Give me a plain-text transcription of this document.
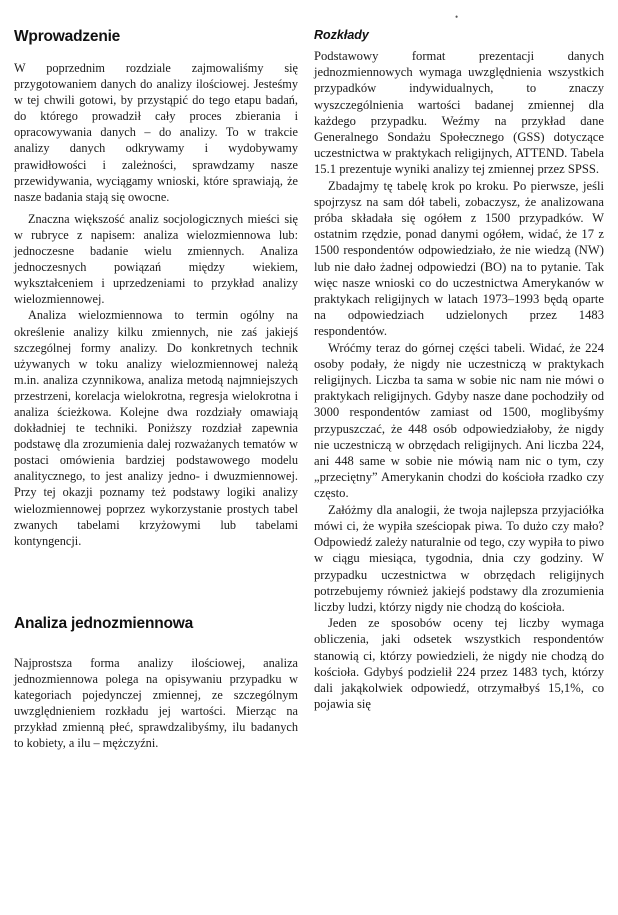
•
Wprowadzenie

W poprzednim rozdziale zajmowaliśmy się przygotowaniem danych do analizy ilościowej. Jesteśmy w tej chwili gotowi, by przystąpić do tego etapu badań, do którego prowadził cały proces zbierania i opracowywania danych – do analizy. To w trakcie analizy danych odkrywamy i wydobywamy prawidłowości i zależności, sprawdzamy nasze przewidywania, wyciągamy wnioski, które sprawiają, że nasze badania stają się owocne.

Znaczna większość analiz socjologicznych mieści się w rubryce z napisem: analiza wielozmiennowa lub: jednoczesne badanie wielu zmiennych. Analiza jednoczesnych powiązań między wiekiem, wykształceniem i uprzedzeniami to przykład analizy wielozmiennowej.

Analiza wielozmiennowa to termin ogólny na określenie analizy kilku zmiennych, nie zaś jakiejś szczególnej formy analizy. Do konkretnych technik używanych w toku analizy wielozmiennowej należą m.in. analiza czynnikowa, analiza metodą najmniejszych przestrzeni, korelacja wielokrotna, regresja wielokrotna i analiza ścieżkowa. Kolejne dwa rozdziały omawiają dokładniej te techniki. Poniższy rozdział zapewnia podstawę dla zrozumienia dalej rozważanych tematów w postaci omówienia bardziej podstawowego modelu analitycznego, to jest analizy jedno- i dwuzmiennowej. Przy tej okazji poznamy też podstawy logiki analizy wielozmiennowej poprzez wykorzystanie prostych tabel zwanych tabelami krzyżowymi lub tabelami kontyngencji.

Analiza jednozmiennowa

Najprostsza forma analizy ilościowej, analiza jednozmiennowa polega na opisywaniu przypadku w kategoriach pojedynczej zmiennej, ze szczególnym uwzględnieniem rozkładu jej wartości. Mierząc na przykład zmienną płeć, sprawdzalibyśmy, ilu badanych to kobiety, a ilu – mężczyźni.

Rozkłady

Podstawowy format prezentacji danych jednozmiennowych wymaga uwzględnienia wszystkich przypadków indywidualnych, to znaczy wyszczególnienia wartości badanej zmiennej dla każdego przypadku. Weźmy na przykład dane Generalnego Sondażu Społecznego (GSS) dotyczące uczestnictwa w praktykach religijnych, ATTEND. Tabela 15.1 prezentuje wyniki analizy tej zmiennej przez SPSS.

Zbadajmy tę tabelę krok po kroku. Po pierwsze, jeśli spojrzysz na sam dół tabeli, zobaczysz, że analizowana próba składała się ogółem z 1500 przypadków. W ostatnim rzędzie, ponad danymi ogółem, widać, że 17 z 1500 respondentów odpowiedziało, że nie wiedzą (NW) lub nie dało żadnej odpowiedzi (BO) na to pytanie. Tak więc nasze wnioski co do uczestnictwa Amerykanów w praktykach religijnych w latach 1973–1993 będą oparte na odpowiedziach udzielonych przez 1483 respondentów.

Wróćmy teraz do górnej części tabeli. Widać, że 224 osoby podały, że nigdy nie uczestniczą w praktykach religijnych. Liczba ta sama w sobie nic nam nie mówi o praktykach religijnych. Gdyby nasze dane pochodziły od 3000 respondentów zamiast od 1500, moglibyśmy przypuszczać, że 448 osób odpowiedziałoby, że nigdy nie uczestniczą w obrzędach religijnych. Ani liczba 224, ani 448 same w sobie nie mówią nam nic o tym, czy „przeciętny” Amerykanin chodzi do kościoła rzadko czy często.

Załóżmy dla analogii, że twoja najlepsza przyjaciółka mówi ci, że wypiła sześciopak piwa. To dużo czy mało? Odpowiedź zależy naturalnie od tego, czy wypiła to piwo w ciągu miesiąca, tygodnia, dnia czy godziny. W przypadku uczestnictwa w obrzędach religijnych potrzebujemy również jakiejś podstawy dla zrozumienia liczby ludzi, którzy nigdy nie chodzą do kościoła.

Jeden ze sposobów oceny tej liczby wymaga obliczenia, jaki odsetek wszystkich respondentów stanowią ci, którzy powiedzieli, że nigdy nie chodzą do kościoła. Gdybyś podzielił 224 przez 1483 tych, którzy dali jakąkolwiek odpowiedź, otrzymałbyś 15,1%, co pojawia się
